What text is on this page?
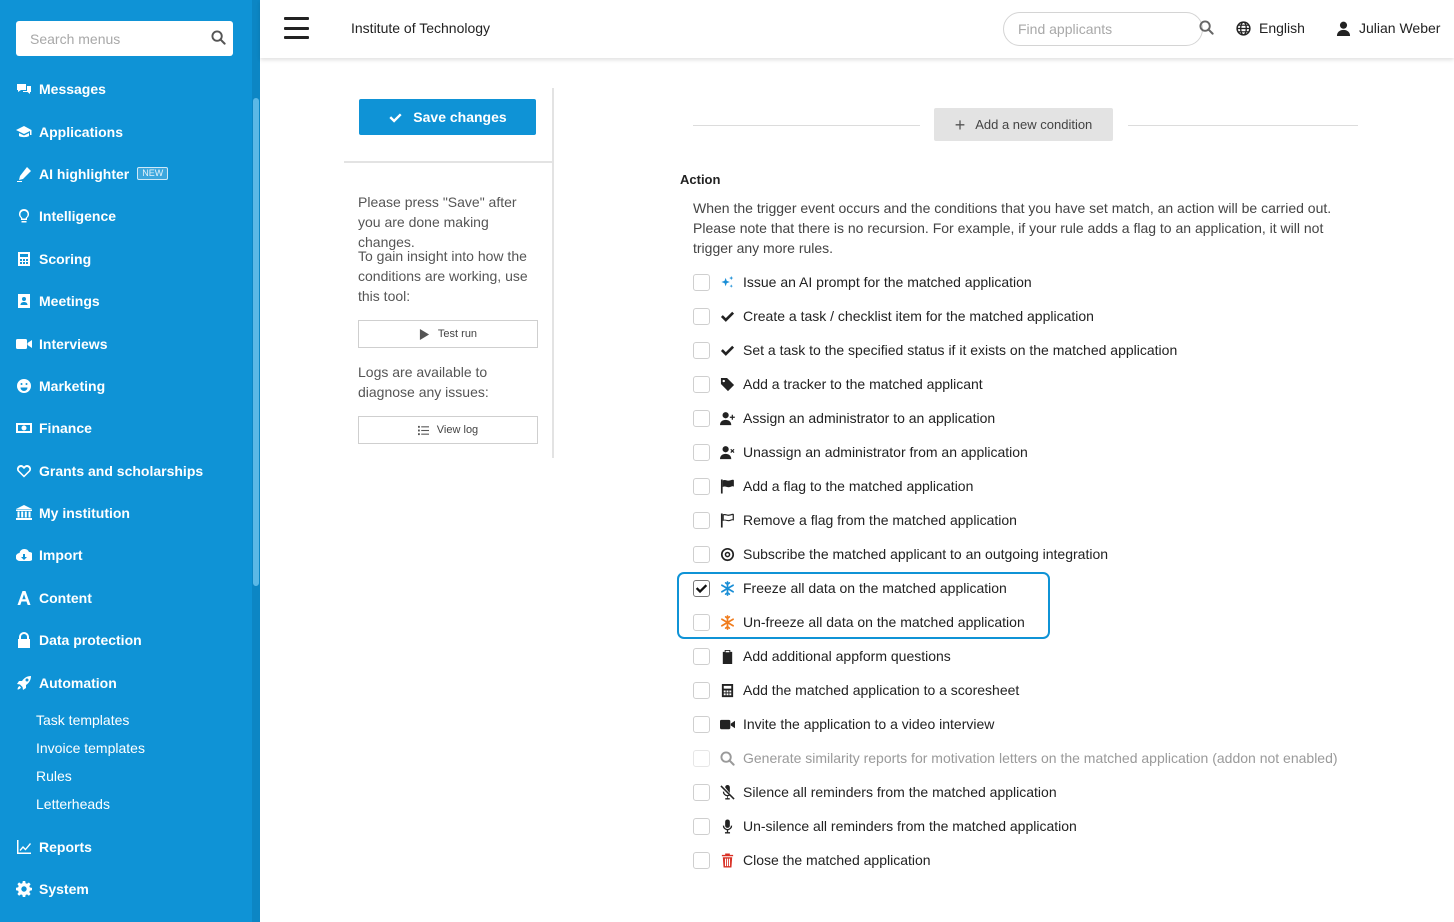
Search menus
Messages
Applications
AI highlighter	NEW
Intelligence
Scoring
Meetings
Interviews
Marketing
Finance
Grants and scholarships
My institution
Import
Content
Data protection
Automation
Task templates
Invoice templates
Rules
Letterheads
Reports
System
Institute of Technology
Find applicants	English	Julian Weber
Save changes

Please press "Save" after you are done making changes.

To gain insight into how the conditions are working, use this tool:

Test run

Logs are available to diagnose any issues:

View log
+ Add a new condition
Action

When the trigger event occurs and the conditions that you have set match, an action will be carried out. Please note that there is no recursion. For example, if your rule adds a flag to an application, it will not trigger any more rules.

Issue an AI prompt for the matched application
Create a task / checklist item for the matched application
Set a task to the specified status if it exists on the matched application
Add a tracker to the matched applicant
Assign an administrator to an application
Unassign an administrator from an application
Add a flag to the matched application
Remove a flag from the matched application
Subscribe the matched applicant to an outgoing integration
Freeze all data on the matched application
Un-freeze all data on the matched application
Add additional appform questions
Add the matched application to a scoresheet
Invite the application to a video interview
Generate similarity reports for motivation letters on the matched application (addon not enabled)
Silence all reminders from the matched application
Un-silence all reminders from the matched application
Close the matched application
